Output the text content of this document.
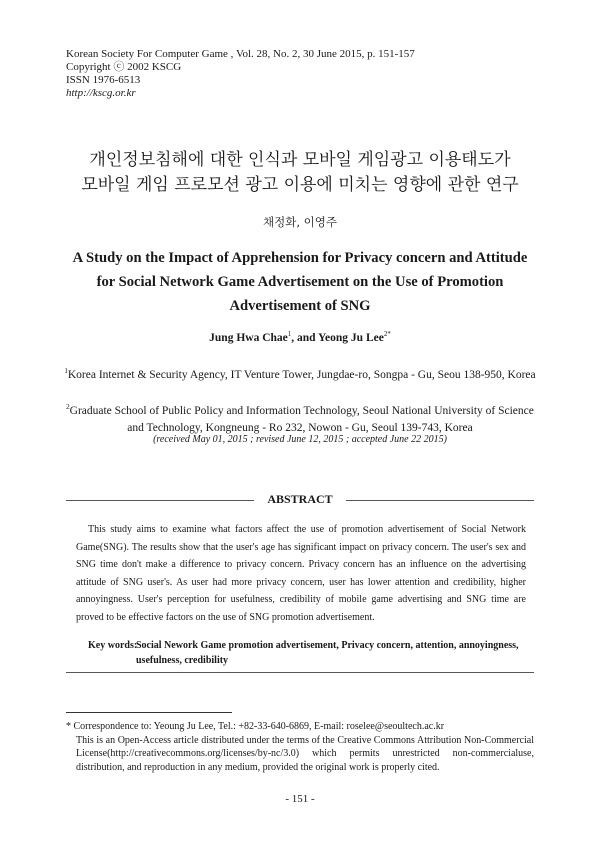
Korean Society For Computer Game , Vol. 28, No. 2, 30 June 2015, p. 151-157
Copyright ⓒ 2002 KSCG
ISSN 1976-6513
http://kscg.or.kr
개인정보침해에 대한 인식과 모바일 게임광고 이용태도가
모바일 게임 프로모션 광고 이용에 미치는 영향에 관한 연구
채정화, 이영주
A Study on the Impact of Apprehension for Privacy concern and Attitude
for Social Network Game Advertisement on the Use of Promotion
Advertisement of SNG
Jung Hwa Chae$^1$, and Yeong Ju Lee$^{2*}$
$^1$Korea Internet & Security Agency, IT Venture Tower, Jungdae-ro, Songpa - Gu, Seou 138-950, Korea
$^2$Graduate School of Public Policy and Information Technology, Seoul National University of Science and Technology, Kongneung - Ro 232, Nowon - Gu, Seoul 139-743, Korea
(received May 01, 2015 ; revised June 12, 2015 ; accepted June 22 2015)
ABSTRACT
This study aims to examine what factors affect the use of promotion advertisement of Social Network Game(SNG). The results show that the user's age has significant impact on privacy concern. The user's sex and SNG time don't make a difference to privacy concern. Privacy concern has an influence on the advertising attitude of SNG user's. As user had more privacy concern, user has lower attention and credibility, higher annoyingness. User's perception for usefulness, credibility of mobile game advertising and SNG time are proved to be effective factors on the use of SNG promotion advertisement.
Key words:
Social Nework Game promotion advertisement, Privacy concern, attention, annoyingness, usefulness, credibility
* Correspondence to: Yeoung Ju Lee, Tel.: +82-33-640-6869, E-mail: roselee@seoultech.ac.kr
This is an Open-Access article distributed under the terms of the Creative Commons Attribution Non-Commercial License(http://creativecommons.org/licenses/by-nc/3.0) which permits unrestricted non-commercialuse, distribution, and reproduction in any medium, provided the original work is properly cited.
- 151 -
